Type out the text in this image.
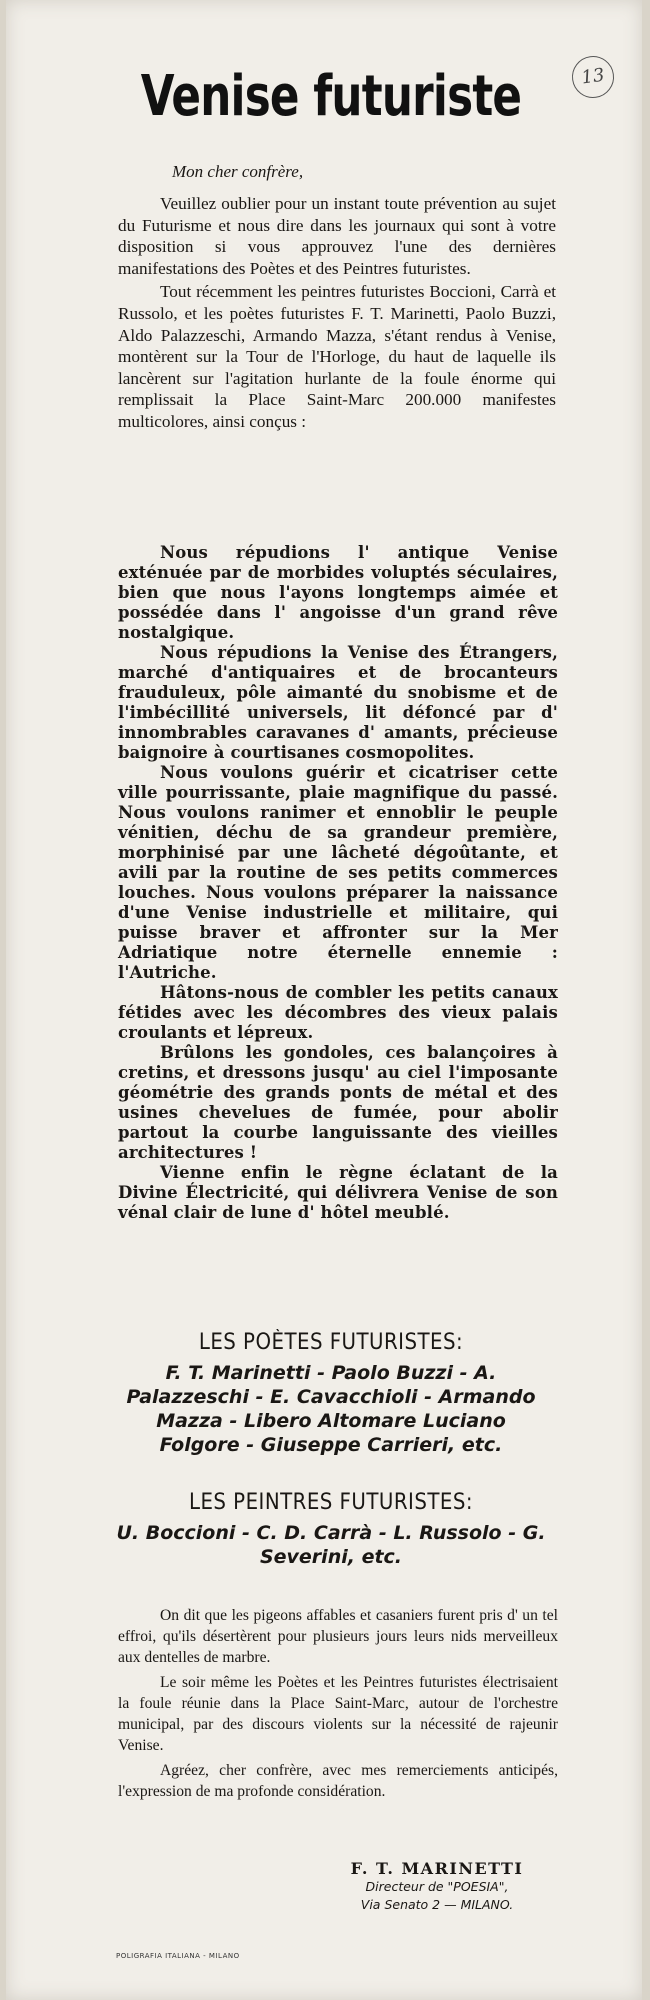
13
Venise futuriste
Mon cher confrère,

Veuillez oublier pour un instant toute prévention au sujet du Futurisme et nous dire dans les journaux qui sont à votre disposition si vous approuvez l'une des dernières manifestations des Poètes et des Peintres futuristes.

Tout récemment les peintres futuristes Boccioni, Carrà et Russolo, et les poètes futuristes F. T. Marinetti, Paolo Buzzi, Aldo Palazzeschi, Armando Mazza, s'étant rendus à Venise, montèrent sur la Tour de l'Horloge, du haut de laquelle ils lancèrent sur l'agitation hurlante de la foule énorme qui remplissait la Place Saint-Marc 200.000 manifestes multicolores, ainsi conçus :

Nous répudions l' antique Venise exténuée par de morbides voluptés séculaires, bien que nous l'ayons longtemps aimée et possédée dans l' angoisse d'un grand rêve nostalgique.

Nous répudions la Venise des Étrangers, marché d'antiquaires et de brocanteurs frauduleux, pôle aimanté du snobisme et de l'imbécillité universels, lit défoncé par d' innombrables caravanes d' amants, précieuse baignoire à courtisanes cosmopolites.

Nous voulons guérir et cicatriser cette ville pourrissante, plaie magnifique du passé. Nous voulons ranimer et ennoblir le peuple vénitien, déchu de sa grandeur première, morphinisé par une lâcheté dégoûtante, et avili par la routine de ses petits commerces louches. Nous voulons préparer la naissance d'une Venise industrielle et militaire, qui puisse braver et affronter sur la Mer Adriatique notre éternelle ennemie : l'Autriche.

Hâtons-nous de combler les petits canaux fétides avec les décombres des vieux palais croulants et lépreux.

Brûlons les gondoles, ces balançoires à cretins, et dressons jusqu' au ciel l'imposante géométrie des grands ponts de métal et des usines chevelues de fumée, pour abolir partout la courbe languissante des vieilles architectures !

Vienne enfin le règne éclatant de la Divine Électricité, qui délivrera Venise de son vénal clair de lune d' hôtel meublé.

LES POÈTES FUTURISTES:

F. T. Marinetti - Paolo Buzzi - A. Palazzeschi - E. Cavacchioli - Armando Mazza - Libero Altomare Luciano Folgore - Giuseppe Carrieri, etc.

LES PEINTRES FUTURISTES:

U. Boccioni - C. D. Carrà - L. Russolo - G. Severini, etc.

On dit que les pigeons affables et casaniers furent pris d' un tel effroi, qu'ils désertèrent pour plusieurs jours leurs nids merveilleux aux dentelles de marbre.

Le soir même les Poètes et les Peintres futuristes électrisaient la foule réunie dans la Place Saint-Marc, autour de l'orchestre municipal, par des discours violents sur la nécessité de rajeunir Venise.

Agréez, cher confrère, avec mes remerciements anticipés, l'expression de ma profonde considération.

F. T. MARINETTI
Directeur de "POESIA",
Via Senato 2 — MILANO.
POLIGRAFIA ITALIANA - MILANO
